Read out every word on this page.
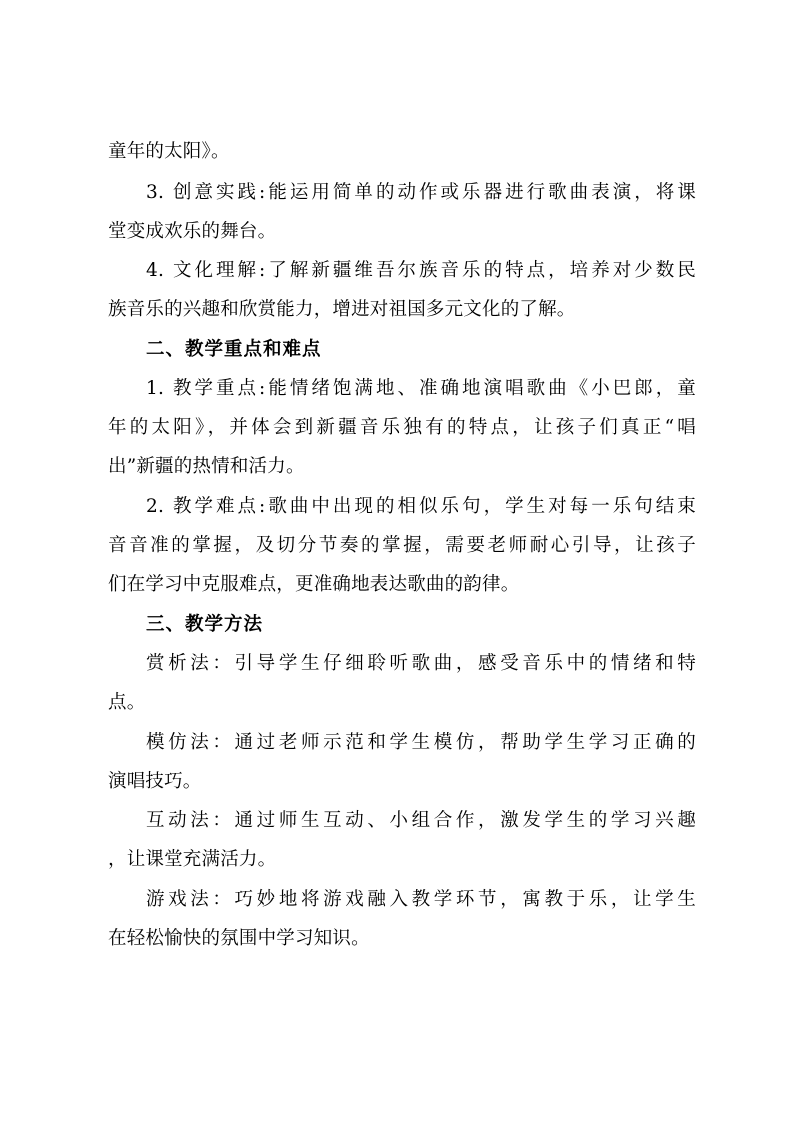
童年的太阳》。
3. 创意实践:能运用简单的动作或乐器进行歌曲表演，将课
堂变成欢乐的舞台。
4. 文化理解:了解新疆维吾尔族音乐的特点，培养对少数民
族音乐的兴趣和欣赏能力，增进对祖国多元文化的了解。
二、教学重点和难点
1. 教学重点:能情绪饱满地、准确地演唱歌曲《小巴郎，童
年的太阳》，并体会到新疆音乐独有的特点，让孩子们真正“唱
出”新疆的热情和活力。
2. 教学难点:歌曲中出现的相似乐句，学生对每一乐句结束
音音准的掌握，及切分节奏的掌握，需要老师耐心引导，让孩子
们在学习中克服难点，更准确地表达歌曲的韵律。
三、教学方法
赏析法：引导学生仔细聆听歌曲，感受音乐中的情绪和特
点。
模仿法：通过老师示范和学生模仿，帮助学生学习正确的
演唱技巧。
互动法：通过师生互动、小组合作，激发学生的学习兴趣
，让课堂充满活力。
游戏法：巧妙地将游戏融入教学环节，寓教于乐，让学生
在轻松愉快的氛围中学习知识。
